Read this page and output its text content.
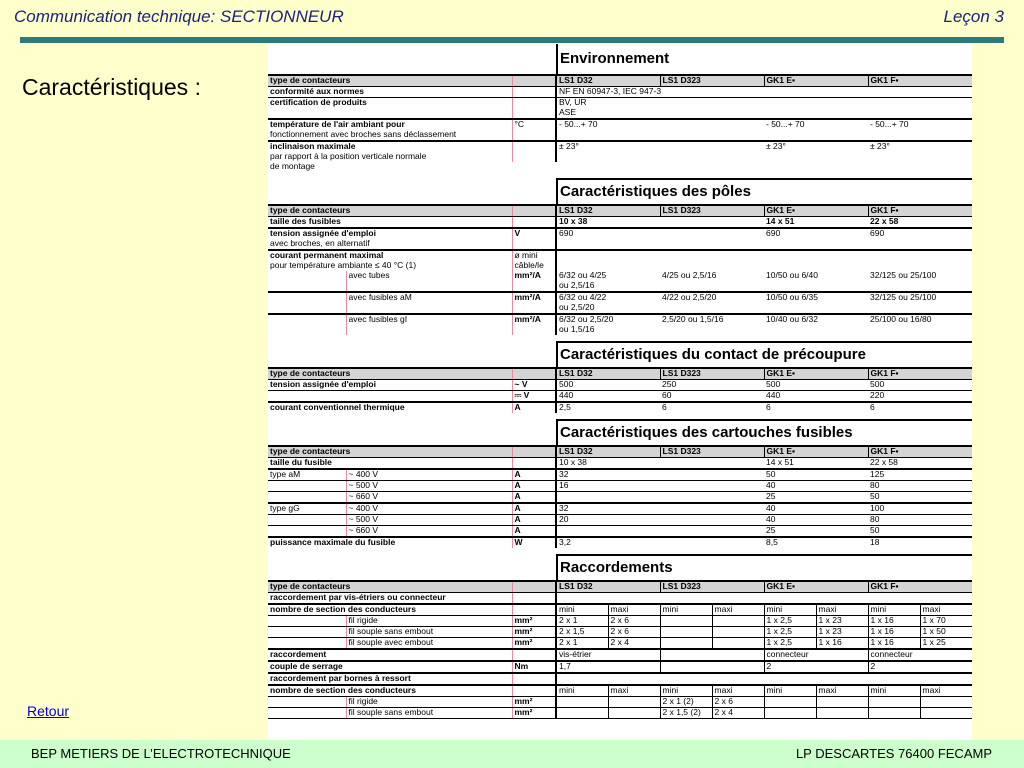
Communication technique: SECTIONNEUR	Leçon 3
Caractéristiques :
Environnement
type de contacteurs		LS1 D32	LS1 D323	GK1 E▪	GK1 F▪
conformité aux normes		NF EN 60947-3, IEC 947-3			
certification de produits		BV, UR			
		ASE			
température de l'air ambiant pour	°C	- 50...+ 70		- 50...+ 70	- 50...+ 70
fonctionnement avec broches sans déclassement					
inclinaison maximale		± 23°		± 23°	± 23°
par rapport à la position verticale normale					
de montage					
Caractéristiques des pôles
type de contacteurs			LS1 D32	LS1 D323	GK1 E▪	GK1 F▪
taille des fusibles			10 x 38		14 x 51	22 x 58
tension assignée d'emploi		V	690		690	690
avec broches, en alternatif						
courant permanent maximal		ø mini				
pour température ambiante ≤ 40 °C (1)		câble/le				
	avec tubes	mm²/A	6/32 ou 4/25	4/25 ou 2,5/16	10/50 ou 6/40	32/125 ou 25/100
			ou 2,5/16			
	avec fusibles aM	mm²/A	6/32 ou 4/22	4/22 ou 2,5/20	10/50 ou 6/35	32/125 ou 25/100
			ou 2,5/20			
	avec fusibles gI	mm²/A	6/32 ou 2,5/20	2,5/20 ou 1,5/16	10/40 ou 6/32	25/100 ou 16/80
			ou 1,5/16			
Caractéristiques du contact de précoupure
type de contacteurs		LS1 D32	LS1 D323	GK1 E▪	GK1 F▪
tension assignée d'emploi	~ V	500	250	500	500
	⎓ V	440	60	440	220
courant conventionnel thermique	A	2,5	6	6	6
Caractéristiques des cartouches fusibles
type de contacteurs			LS1 D32	LS1 D323	GK1 E▪	GK1 F▪
taille du fusible			10 x 38		14 x 51	22 x 58
type aM	~ 400 V	A	32		50	125
	~ 500 V	A	16		40	80
	~ 660 V	A			25	50
type gG	~ 400 V	A	32		40	100
	~ 500 V	A	20		40	80
	~ 660 V	A			25	50
puissance maximale du fusible		W	3,2		8,5	18
Raccordements
type de contacteurs			LS1 D32		LS1 D323		GK1 E▪		GK1 F▪	
raccordement par vis-étriers ou connecteur										
nombre de section des conducteurs			mini	maxi	mini	maxi	mini	maxi	mini	maxi
	fil rigide	mm²	2 x 1	2 x 6			1 x 2,5	1 x 23	1 x 16	1 x 70
	fil souple sans embout	mm²	2 x 1,5	2 x 6			1 x 2,5	1 x 23	1 x 16	1 x 50
	fil souple avec embout	mm²	2 x 1	2 x 4			1 x 2,5	1 x 16	1 x 16	1 x 25
raccordement			vis-étrier				connecteur		connecteur	
couple de serrage		Nm	1,7				2		2	
raccordement par bornes à ressort										
nombre de section des conducteurs			mini	maxi	mini	maxi	mini	maxi	mini	maxi
	fil rigide	mm²			2 x 1 (2)	2 x 6				
	fil souple sans embout	mm²			2 x 1,5 (2)	2 x 4				
Retour
BEP METIERS DE L’ELECTROTECHNIQUE	LP DESCARTES 76400 FECAMP
